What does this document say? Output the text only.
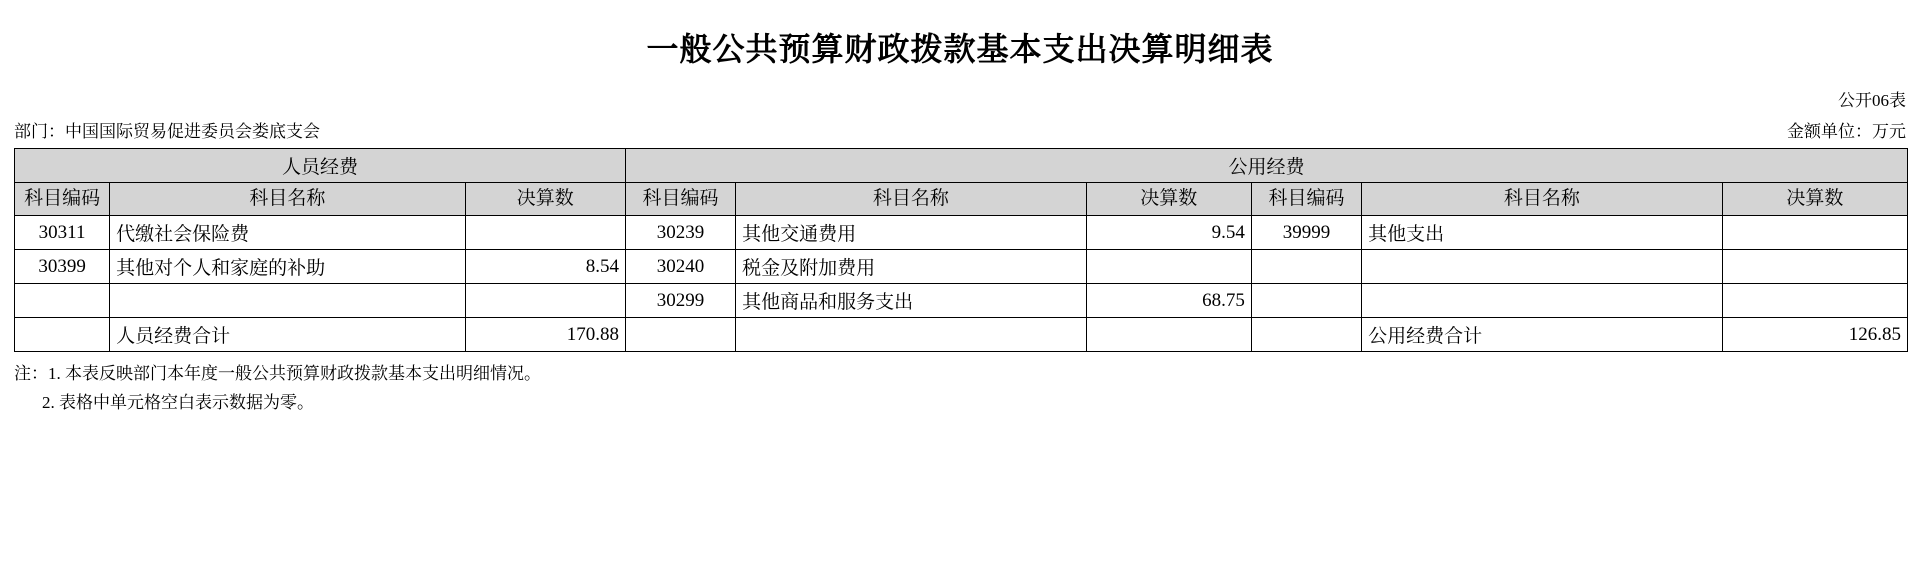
一般公共预算财政拨款基本支出决算明细表
公开06表
部门：中国国际贸易促进委员会娄底支会	金额单位：万元
人员经费			公用经费					
科目编码	科目名称	决算数	科目编码	科目名称	决算数	科目编码	科目名称	决算数
30311	代缴社会保险费		30239	其他交通费用	9.54	39999	其他支出	
30399	其他对个人和家庭的补助	8.54	30240	税金及附加费用				
			30299	其他商品和服务支出	68.75			
	人员经费合计	170.88					公用经费合计	126.85
注：1. 本表反映部门本年度一般公共预算财政拨款基本支出明细情况。
2. 表格中单元格空白表示数据为零。
